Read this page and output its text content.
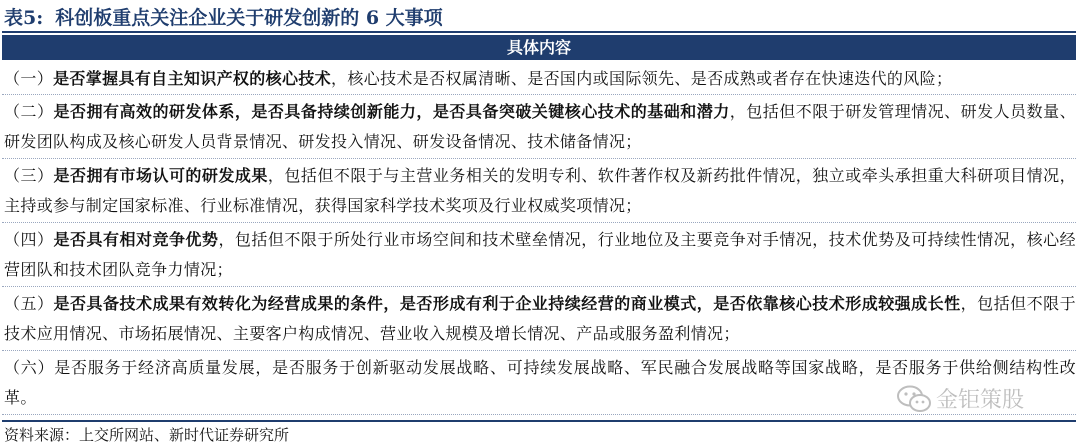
表5: 科创板重点关注企业关于研发创新的 6 大事项
具体内容
（一）是否掌握具有自主知识产权的核心技术，核心技术是否权属清晰、是否国内或国际领先、是否成熟或者存在快速迭代的风险；
（二）是否拥有高效的研发体系，是否具备持续创新能力，是否具备突破关键核心技术的基础和潜力，包括但不限于研发管理情况、研发人员数量、研发团队构成及核心研发人员背景情况、研发投入情况、研发设备情况、技术储备情况；
（三）是否拥有市场认可的研发成果，包括但不限于与主营业务相关的发明专利、软件著作权及新药批件情况，独立或牵头承担重大科研项目情况，主持或参与制定国家标准、行业标准情况，获得国家科学技术奖项及行业权威奖项情况；
（四）是否具有相对竞争优势，包括但不限于所处行业市场空间和技术壁垒情况，行业地位及主要竞争对手情况，技术优势及可持续性情况，核心经营团队和技术团队竞争力情况；
（五）是否具备技术成果有效转化为经营成果的条件，是否形成有利于企业持续经营的商业模式，是否依靠核心技术形成较强成长性，包括但不限于技术应用情况、市场拓展情况、主要客户构成情况、营业收入规模及增长情况、产品或服务盈利情况；
（六）是否服务于经济高质量发展，是否服务于创新驱动发展战略、可持续发展战略、军民融合发展战略等国家战略，是否服务于供给侧结构性改革。
资料来源：上交所网站、新时代证券研究所
金钜策股
